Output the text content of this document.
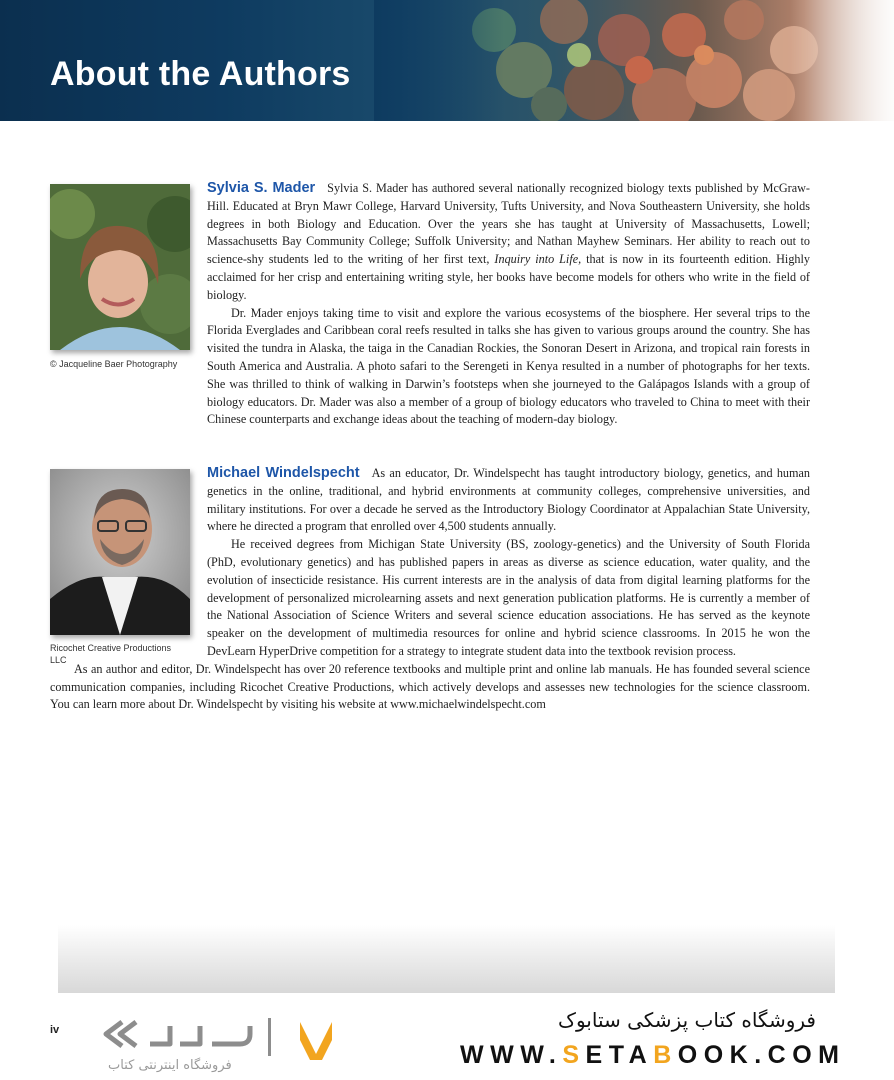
About the Authors
© Jacqueline Baer Photography

Sylvia S. Mader Sylvia S. Mader has authored several nationally recognized biology texts published by McGraw-Hill. Educated at Bryn Mawr College, Harvard University, Tufts University, and Nova Southeastern University, she holds degrees in both Biology and Education. Over the years she has taught at University of Massachusetts, Lowell; Massachusetts Bay Community College; Suffolk University; and Nathan Mayhew Seminars. Her ability to reach out to science-shy students led to the writing of her first text, Inquiry into Life, that is now in its fourteenth edition. Highly acclaimed for her crisp and entertaining writing style, her books have become models for others who write in the field of biology.

Dr. Mader enjoys taking time to visit and explore the various ecosystems of the biosphere. Her several trips to the Florida Everglades and Caribbean coral reefs resulted in talks she has given to various groups around the country. She has visited the tundra in Alaska, the taiga in the Canadian Rockies, the Sonoran Desert in Arizona, and tropical rain forests in South America and Australia. A photo safari to the Serengeti in Kenya resulted in a number of photographs for her texts. She was thrilled to think of walking in Darwin’s footsteps when she journeyed to the Galápagos Islands with a group of biology educators. Dr. Mader was also a member of a group of biology educators who traveled to China to meet with their Chinese counterparts and exchange ideas about the teaching of modern-day biology.

Ricochet Creative Productions LLC

Michael Windelspecht As an educator, Dr. Windelspecht has taught introductory biology, genetics, and human genetics in the online, traditional, and hybrid environments at community colleges, comprehensive universities, and military institutions. For over a decade he served as the Introductory Biology Coordinator at Appalachian State University, where he directed a program that enrolled over 4,500 students annually.

He received degrees from Michigan State University (BS, zoology-genetics) and the University of South Florida (PhD, evolutionary genetics) and has published papers in areas as diverse as science education, water quality, and the evolution of insecticide resistance. His current interests are in the analysis of data from digital learning platforms for the development of personalized microlearning assets and next generation publication platforms. He is currently a member of the National Association of Science Writers and several science education associations. He has served as the keynote speaker on the development of multimedia resources for online and hybrid science classrooms. In 2015 he won the DevLearn HyperDrive competition for a strategy to integrate student data into the textbook revision process.

As an author and editor, Dr. Windelspecht has over 20 reference textbooks and multiple print and online lab manuals. He has founded several science communication companies, including Ricochet Creative Productions, which actively develops and assesses new technologies for the science classroom. You can learn more about Dr. Windelspecht by visiting his website at www.michaelwindelspecht.com

iv
فروشگاه اینترنتی کتاب
فروشگاه کتاب پزشکی ستابوک
WWW.SETABOOK.COM
